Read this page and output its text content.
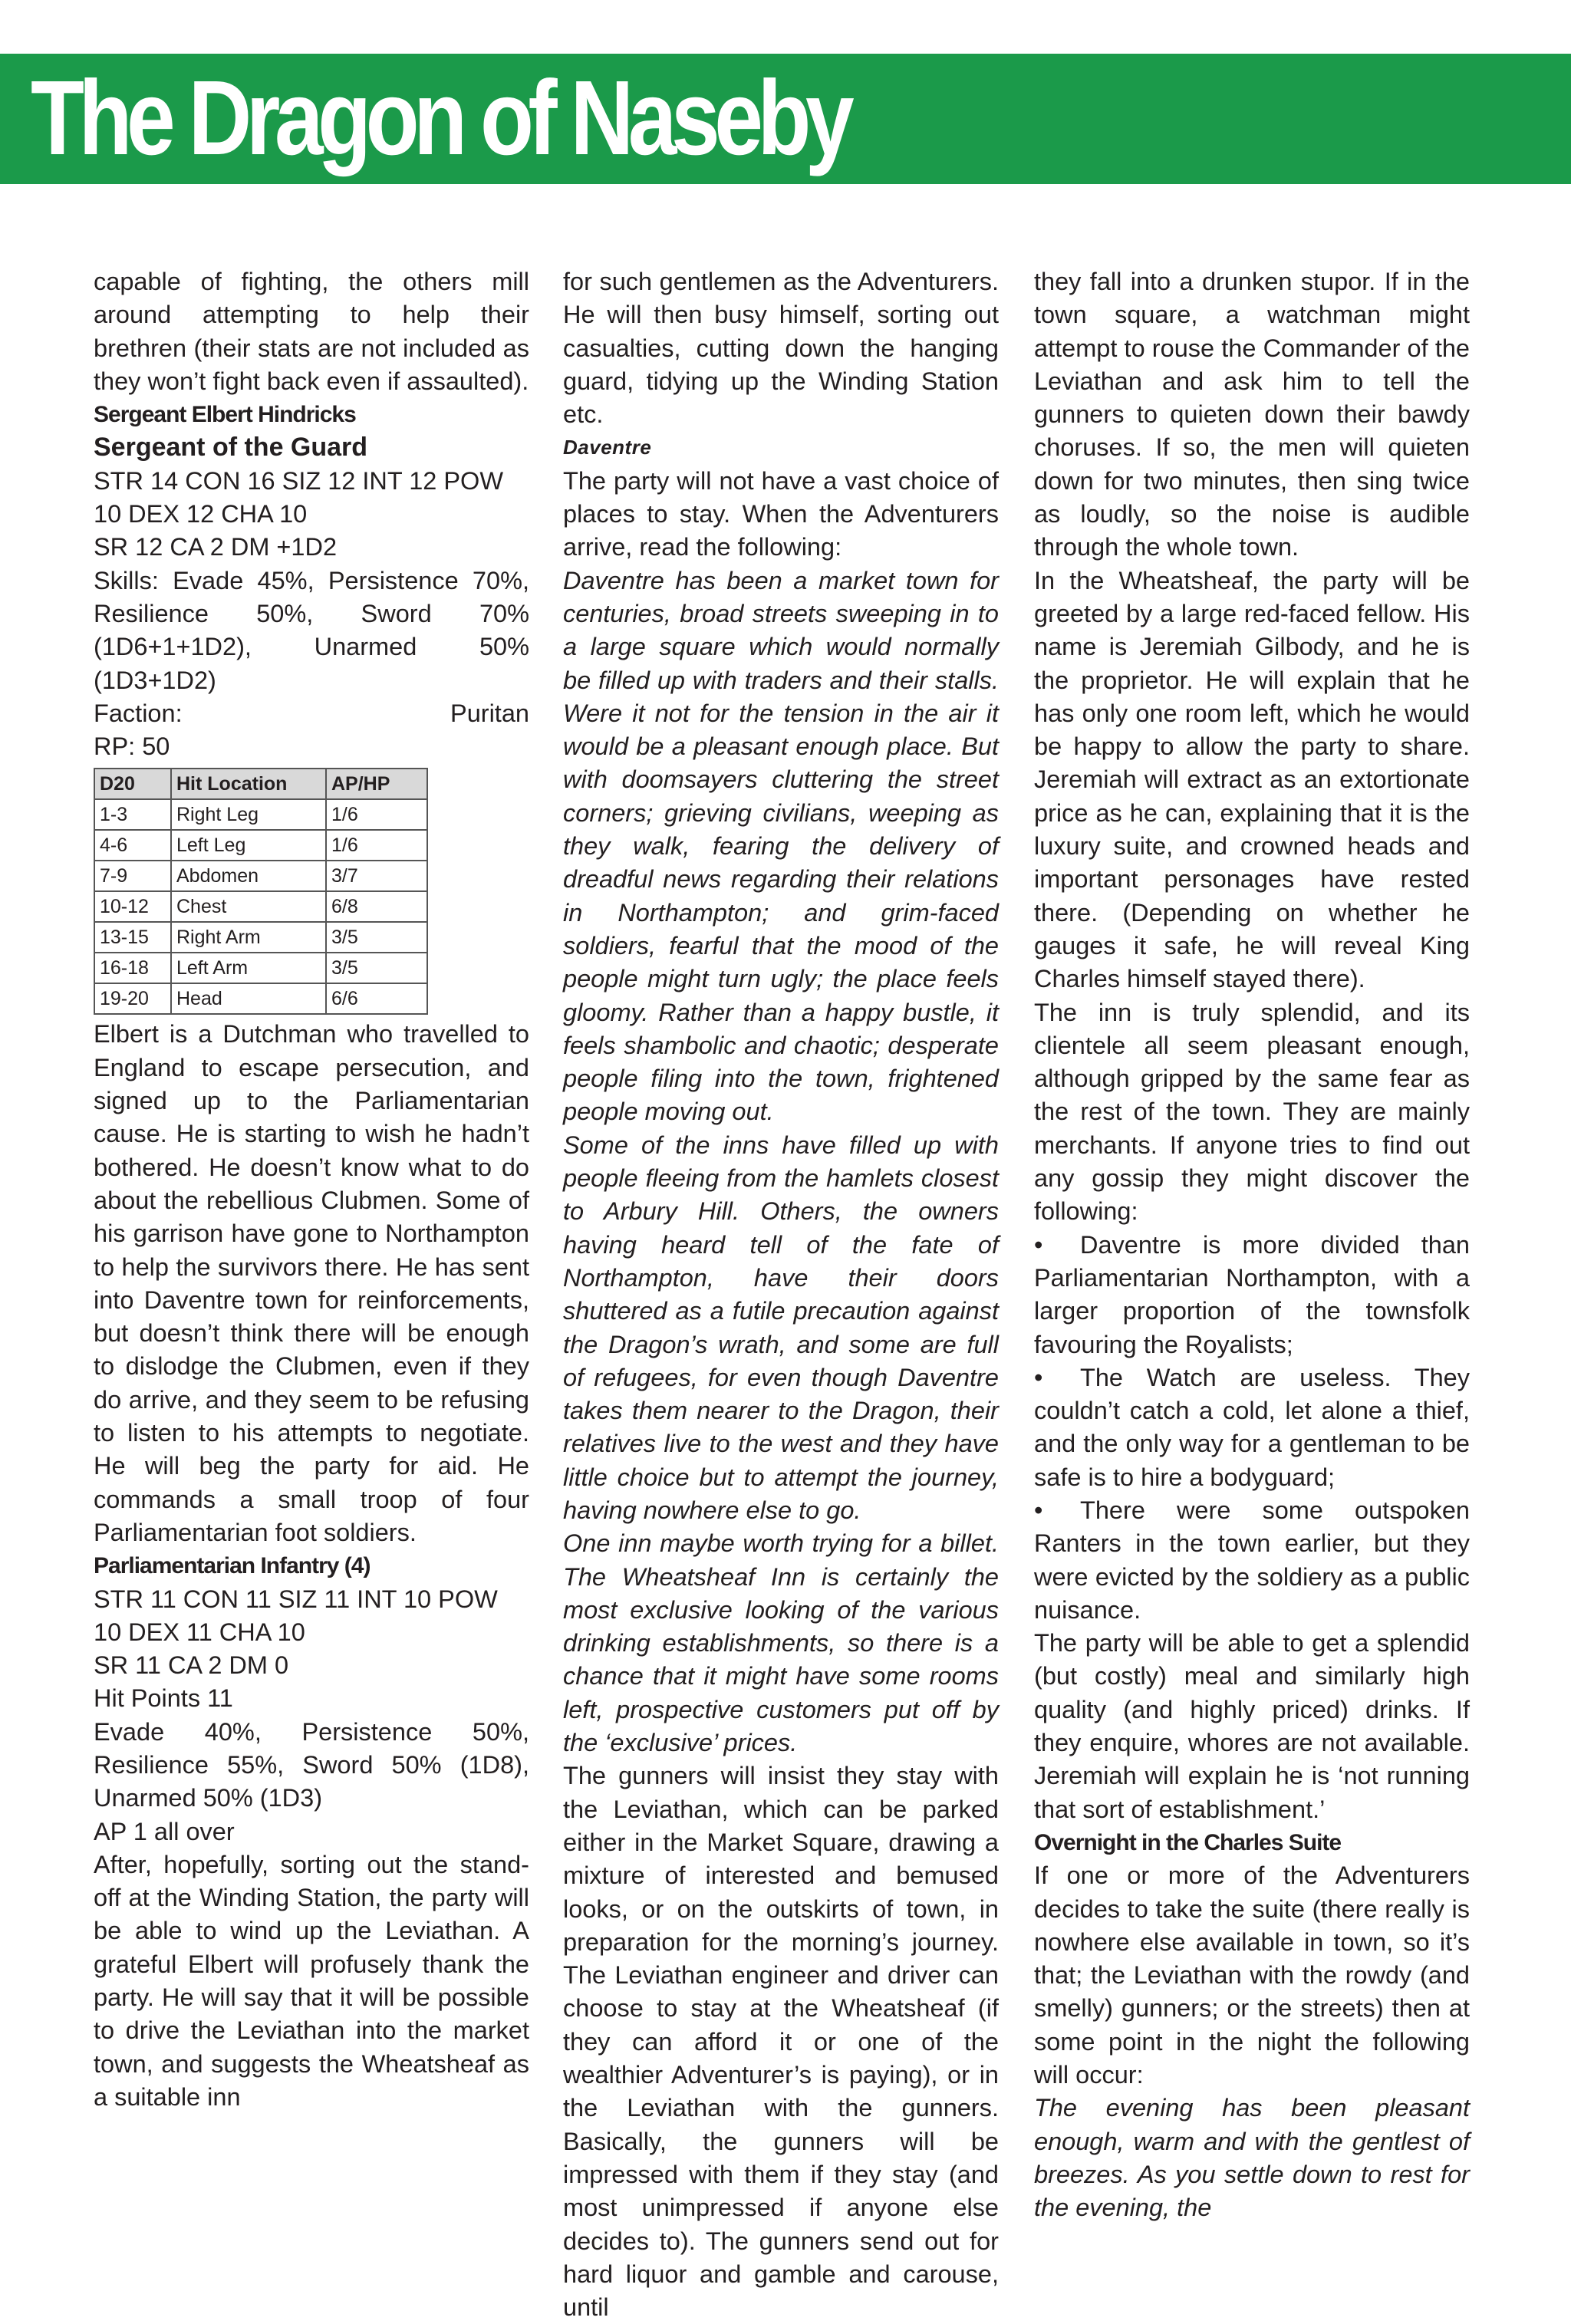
The Dragon of Naseby

capable of fighting, the others mill around attempting to help their brethren (their stats are not included as they won’t fight back even if assaulted).

Sergeant Elbert Hindricks

Sergeant of the Guard

STR 14 CON 16 SIZ 12 INT 12 POW 10 DEX 12 CHA 10

SR 12 CA 2 DM +1D2

Skills: Evade 45%, Persistence 70%, Resilience 50%, Sword 70% (1D6+1+1D2), Unarmed 50% (1D3+1D2)

Faction:	Puritan

RP: 50

D20	Hit Location	AP/HP
1-3	Right Leg	1/6
4-6	Left Leg	1/6
7-9	Abdomen	3/7
10-12	Chest	6/8
13-15	Right Arm	3/5
16-18	Left Arm	3/5
19-20	Head	6/6

Elbert is a Dutchman who travelled to England to escape persecution, and signed up to the Parliamentarian cause. He is starting to wish he hadn’t bothered. He doesn’t know what to do about the rebellious Clubmen. Some of his garrison have gone to Northampton to help the survivors there. He has sent into Daventre town for reinforcements, but doesn’t think there will be enough to dislodge the Clubmen, even if they do arrive, and they seem to be refusing to listen to his attempts to negotiate. He will beg the party for aid. He commands a small troop of four Parliamentarian foot soldiers.

Parliamentarian Infantry (4)

STR 11 CON 11 SIZ 11 INT 10 POW 10 DEX 11 CHA 10

SR 11 CA 2 DM 0

Hit Points 11

Evade 40%, Persistence 50%, Resilience 55%, Sword 50% (1D8), Unarmed 50% (1D3)

AP 1 all over

After, hopefully, sorting out the stand-off at the Winding Station, the party will be able to wind up the Leviathan. A grateful Elbert will profusely thank the party. He will say that it will be possible to drive the Leviathan into the market town, and suggests the Wheatsheaf as a suitable inn

for such gentlemen as the Adventurers. He will then busy himself, sorting out casualties, cutting down the hanging guard, tidying up the Winding Station etc.

Daventre

The party will not have a vast choice of places to stay. When the Adventurers arrive, read the following:

Daventre has been a market town for centuries, broad streets sweeping in to a large square which would normally be filled up with traders and their stalls. Were it not for the tension in the air it would be a pleasant enough place. But with doomsayers cluttering the street corners; grieving civilians, weeping as they walk, fearing the delivery of dreadful news regarding their relations in Northampton; and grim-faced soldiers, fearful that the mood of the people might turn ugly; the place feels gloomy. Rather than a happy bustle, it feels shambolic and chaotic; desperate people filing into the town, frightened people moving out.

Some of the inns have filled up with people fleeing from the hamlets closest to Arbury Hill. Others, the owners having heard tell of the fate of Northampton, have their doors shuttered as a futile precaution against the Dragon’s wrath, and some are full of refugees, for even though Daventre takes them nearer to the Dragon, their relatives live to the west and they have little choice but to attempt the journey, having nowhere else to go.

One inn maybe worth trying for a billet. The Wheatsheaf Inn is certainly the most exclusive looking of the various drinking establishments, so there is a chance that it might have some rooms left, prospective customers put off by the ‘exclusive’ prices.

The gunners will insist they stay with the Leviathan, which can be parked either in the Market Square, drawing a mixture of interested and bemused looks, or on the outskirts of town, in preparation for the morning’s journey. The Leviathan engineer and driver can choose to stay at the Wheatsheaf (if they can afford it or one of the wealthier Adventurer’s is paying), or in the Leviathan with the gunners. Basically, the gunners will be impressed with them if they stay (and most unimpressed if anyone else decides to). The gunners send out for hard liquor and gamble and carouse, until

they fall into a drunken stupor. If in the town square, a watchman might attempt to rouse the Commander of the Leviathan and ask him to tell the gunners to quieten down their bawdy choruses. If so, the men will quieten down for two minutes, then sing twice as loudly, so the noise is audible through the whole town.

In the Wheatsheaf, the party will be greeted by a large red-faced fellow. His name is Jeremiah Gilbody, and he is the proprietor. He will explain that he has only one room left, which he would be happy to allow the party to share. Jeremiah will extract as an extortionate price as he can, explaining that it is the luxury suite, and crowned heads and important personages have rested there. (Depending on whether he gauges it safe, he will reveal King Charles himself stayed there).

The inn is truly splendid, and its clientele all seem pleasant enough, although gripped by the same fear as the rest of the town. They are mainly merchants. If anyone tries to find out any gossip they might discover the following:

• Daventre is more divided than Parliamentarian Northampton, with a larger proportion of the townsfolk favouring the Royalists;

• The Watch are useless. They couldn’t catch a cold, let alone a thief, and the only way for a gentleman to be safe is to hire a bodyguard;

• There were some outspoken Ranters in the town earlier, but they were evicted by the soldiery as a public nuisance.

The party will be able to get a splendid (but costly) meal and similarly high quality (and highly priced) drinks. If they enquire, whores are not available. Jeremiah will explain he is ‘not running that sort of establishment.’

Overnight in the Charles Suite

If one or more of the Adventurers decides to take the suite (there really is nowhere else available in town, so it’s that; the Leviathan with the rowdy (and smelly) gunners; or the streets) then at some point in the night the following will occur:

The evening has been pleasant enough, warm and with the gentlest of breezes. As you settle down to rest for the evening, the
